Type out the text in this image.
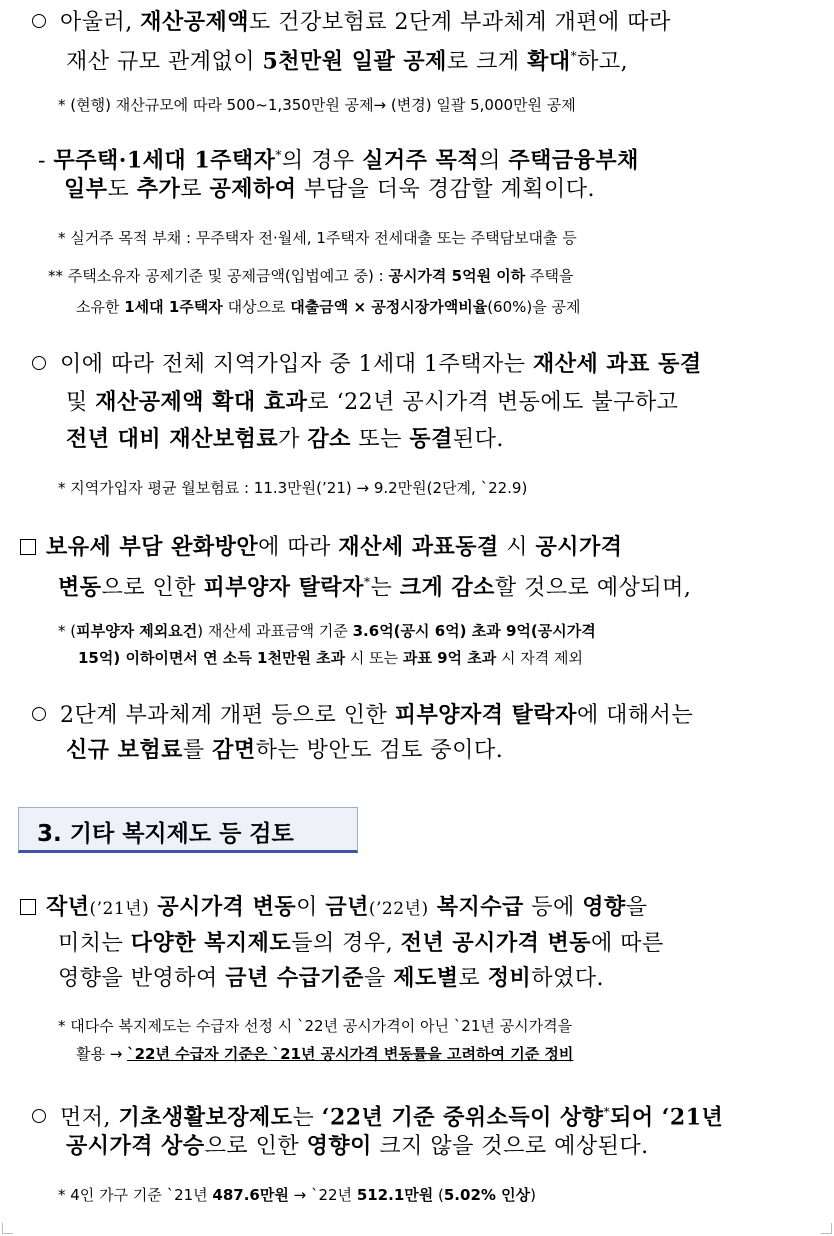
아울러, 재산공제액도 건강보험료 2단계 부과체계 개편에 따라
재산 규모 관계없이 5천만원 일괄 공제로 크게 확대*하고,
* (현행) 재산규모에 따라 500~1,350만원 공제→ (변경) 일괄 5,000만원 공제
- 무주택·1세대 1주택자*의 경우 실거주 목적의 주택금융부채
일부도 추가로 공제하여 부담을 더욱 경감할 계획이다.
* 실거주 목적 부채 : 무주택자 전·월세, 1주택자 전세대출 또는 주택담보대출 등
** 주택소유자 공제기준 및 공제금액(입법예고 중) : 공시가격 5억원 이하 주택을
소유한 1세대 1주택자 대상으로 대출금액 × 공정시장가액비율(60%)을 공제
이에 따라 전체 지역가입자 중 1세대 1주택자는 재산세 과표 동결
및 재산공제액 확대 효과로 ‘22년 공시가격 변동에도 불구하고
전년 대비 재산보험료가 감소 또는 동결된다.
* 지역가입자 평균 월보험료 : 11.3만원(’21) → 9.2만원(2단계, `22.9)
보유세 부담 완화방안에 따라 재산세 과표동결 시 공시가격
변동으로 인한 피부양자 탈락자*는 크게 감소할 것으로 예상되며,
* (피부양자 제외요건) 재산세 과표금액 기준 3.6억(공시 6억) 초과 9억(공시가격
15억) 이하이면서 연 소득 1천만원 초과 시 또는 과표 9억 초과 시 자격 제외
2단계 부과체계 개편 등으로 인한 피부양자격 탈락자에 대해서는
신규 보험료를 감면하는 방안도 검토 중이다.
3. 기타 복지제도 등 검토
작년(’21년) 공시가격 변동이 금년(’22년) 복지수급 등에 영향을
미치는 다양한 복지제도들의 경우, 전년 공시가격 변동에 따른
영향을 반영하여 금년 수급기준을 제도별로 정비하였다.
* 대다수 복지제도는 수급자 선정 시 `22년 공시가격이 아닌 `21년 공시가격을
활용 → `22년 수급자 기준은 `21년 공시가격 변동률을 고려하여 기준 정비
먼저, 기초생활보장제도는 ‘22년 기준 중위소득이 상향*되어 ‘21년
공시가격 상승으로 인한 영향이 크지 않을 것으로 예상된다.
* 4인 가구 기준 `21년 487.6만원 → `22년 512.1만원 (5.02% 인상)
